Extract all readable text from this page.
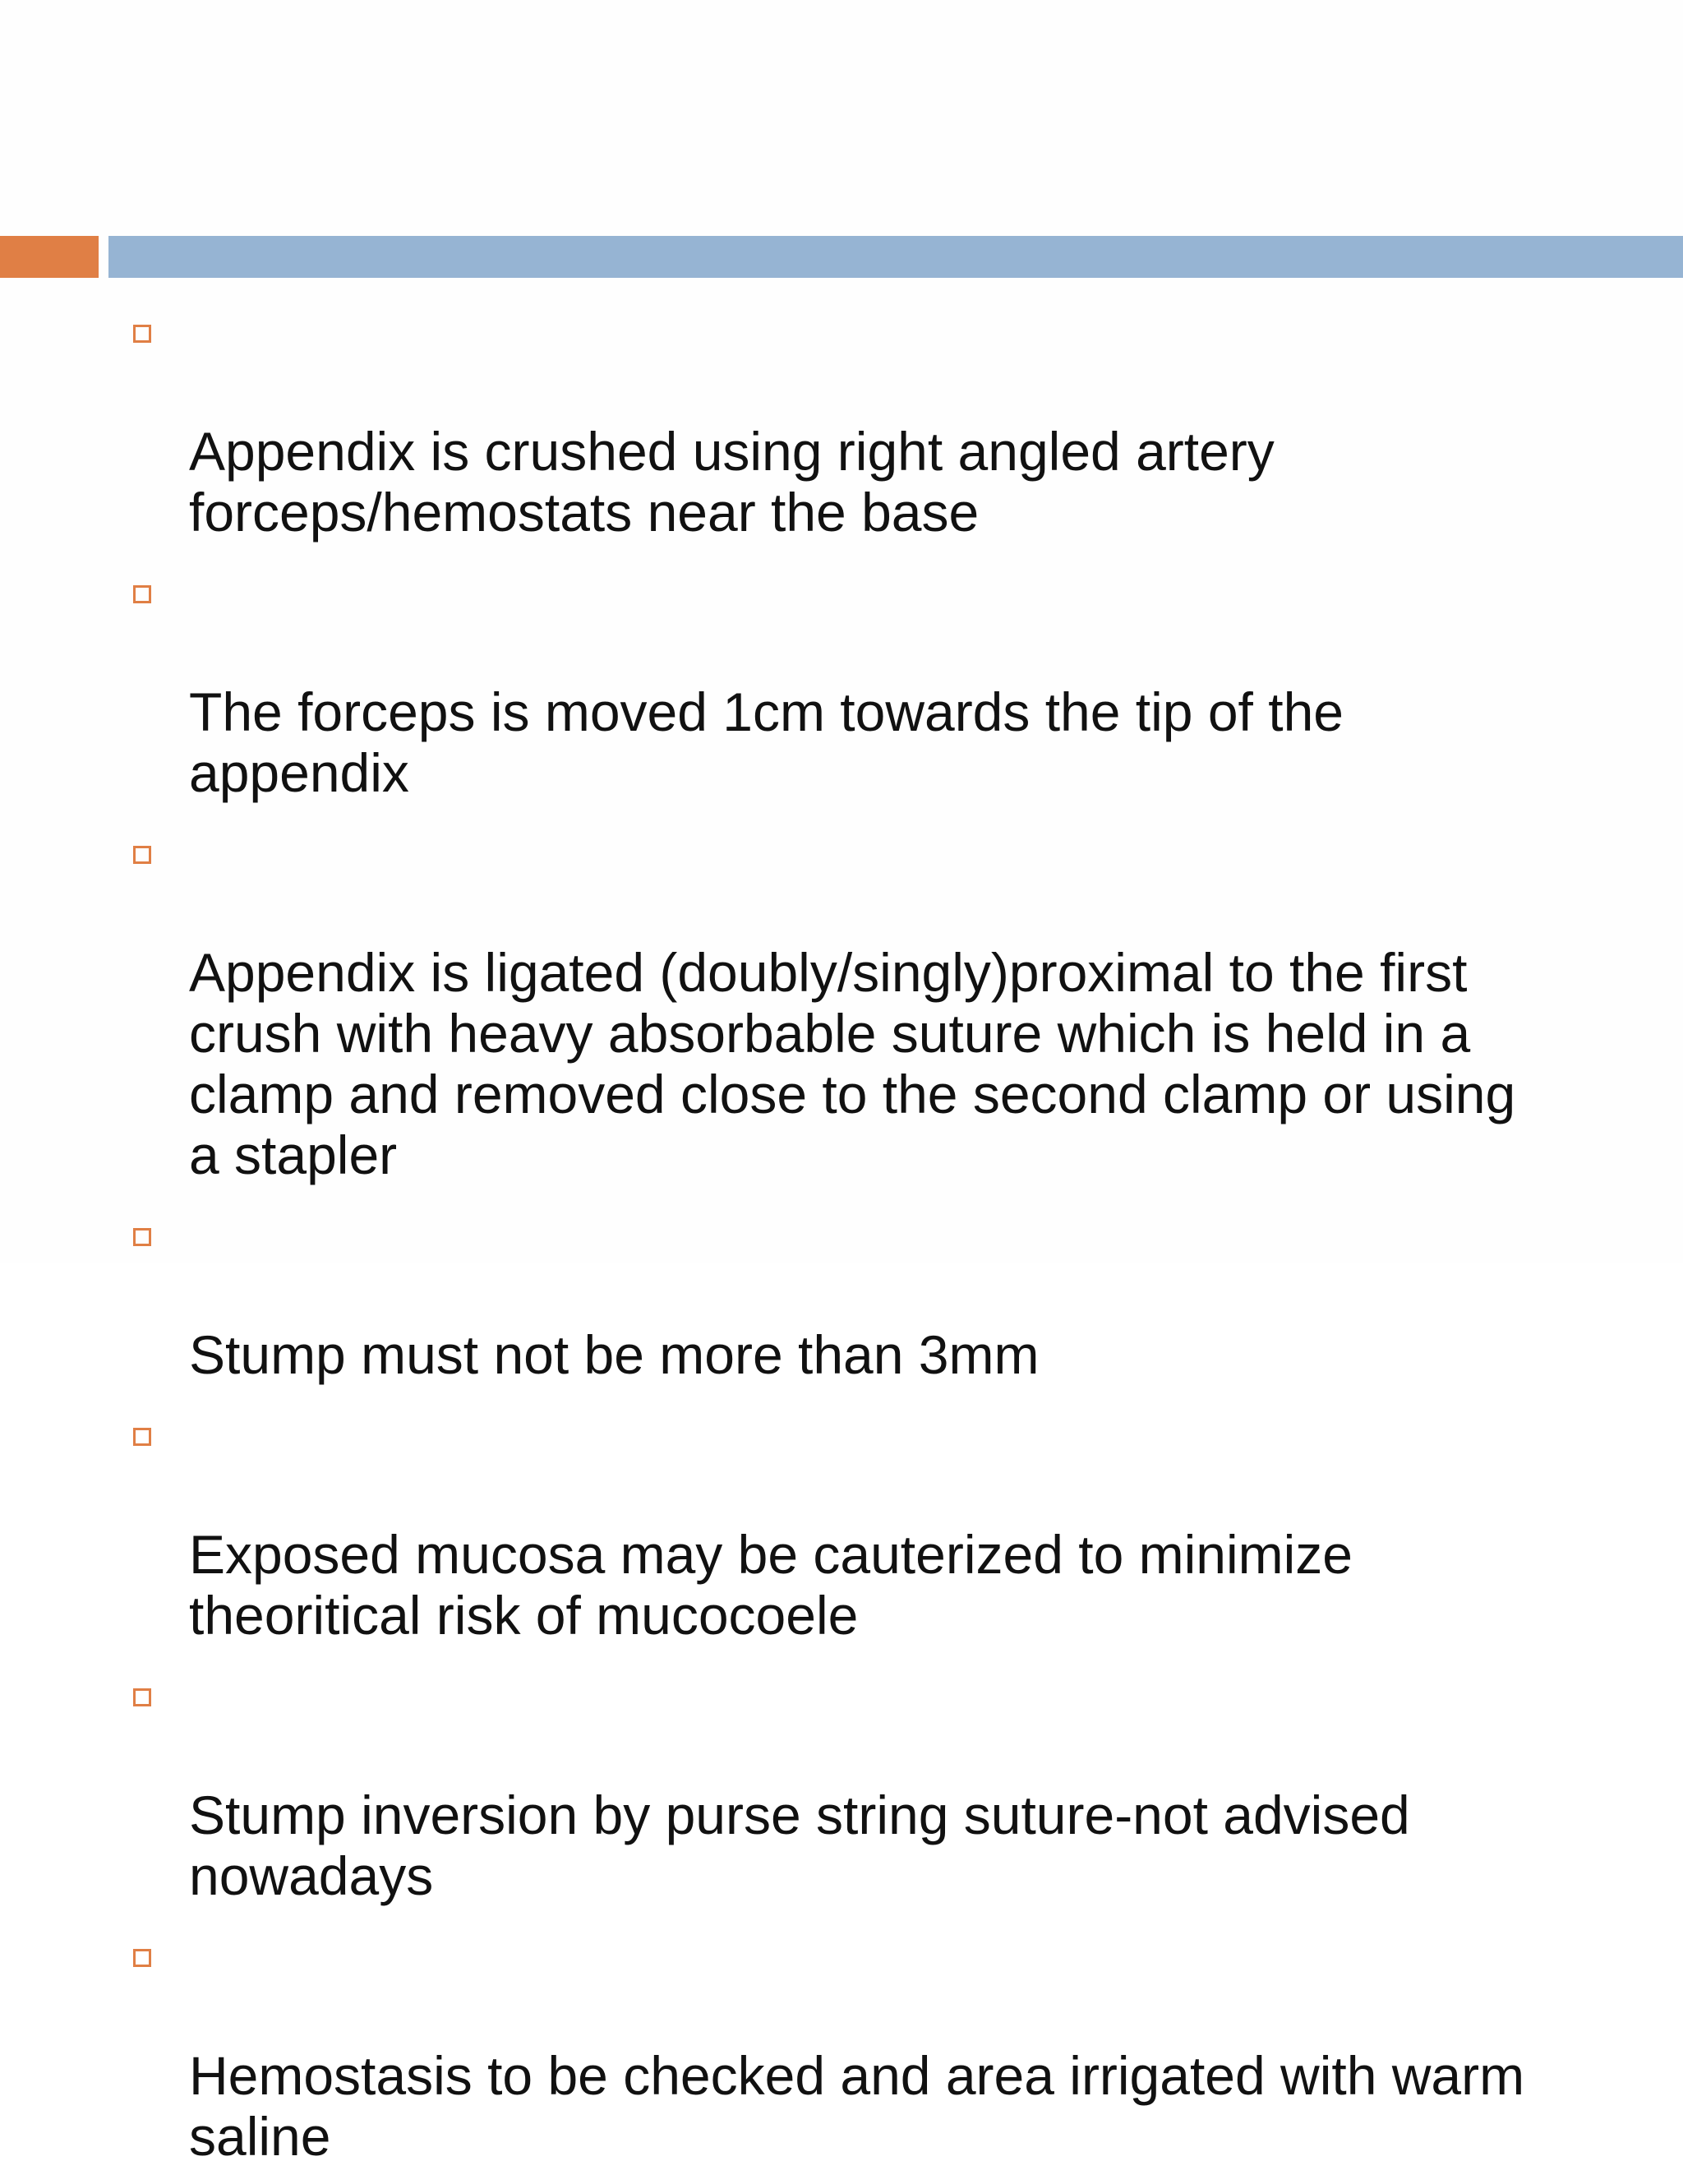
Appendix is crushed using right angled artery
forceps/hemostats near the base

The forceps is moved 1cm towards the tip of the
appendix

Appendix is ligated (doubly/singly)proximal to the first
crush with heavy absorbable suture which is held in a
clamp and removed close to the second clamp or using
a stapler

Stump must not be more than 3mm

Exposed mucosa may be cauterized to minimize
theoritical risk of mucocoele

Stump inversion by purse string suture-not advised
nowadays

Hemostasis to be checked and area irrigated with warm
saline
